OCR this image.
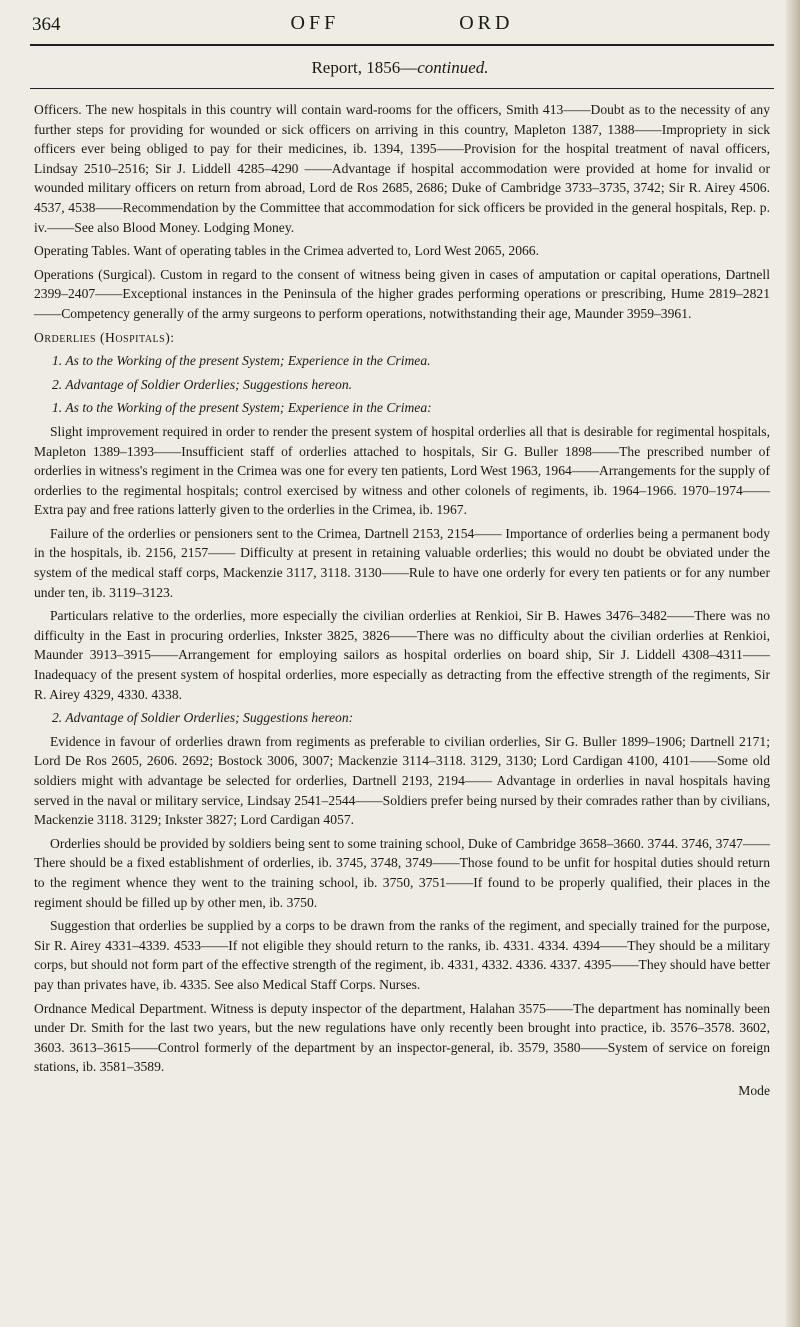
364	OFF	ORD
Report, 1856—continued.

Officers. The new hospitals in this country will contain ward-rooms for the officers, Smith 413——Doubt as to the necessity of any further steps for providing for wounded or sick officers on arriving in this country, Mapleton 1387, 1388——Impropriety in sick officers ever being obliged to pay for their medicines, ib. 1394, 1395——Provision for the hospital treatment of naval officers, Lindsay 2510–2516; Sir J. Liddell 4285–4290 ——Advantage if hospital accommodation were provided at home for invalid or wounded military officers on return from abroad, Lord de Ros 2685, 2686; Duke of Cambridge 3733–3735, 3742; Sir R. Airey 4506. 4537, 4538——Recommendation by the Committee that accommodation for sick officers be provided in the general hospitals, Rep. p. iv.——See also Blood Money. Lodging Money.

Operating Tables. Want of operating tables in the Crimea adverted to, Lord West 2065, 2066.

Operations (Surgical). Custom in regard to the consent of witness being given in cases of amputation or capital operations, Dartnell 2399–2407——Exceptional instances in the Peninsula of the higher grades performing operations or prescribing, Hume 2819–2821 ——Competency generally of the army surgeons to perform operations, notwithstanding their age, Maunder 3959–3961.

Orderlies (Hospitals):

1. As to the Working of the present System; Experience in the Crimea.

2. Advantage of Soldier Orderlies; Suggestions hereon.

1. As to the Working of the present System; Experience in the Crimea:

Slight improvement required in order to render the present system of hospital orderlies all that is desirable for regimental hospitals, Mapleton 1389–1393——Insufficient staff of orderlies attached to hospitals, Sir G. Buller 1898——The prescribed number of orderlies in witness's regiment in the Crimea was one for every ten patients, Lord West 1963, 1964——Arrangements for the supply of orderlies to the regimental hospitals; control exercised by witness and other colonels of regiments, ib. 1964–1966. 1970–1974—— Extra pay and free rations latterly given to the orderlies in the Crimea, ib. 1967.

Failure of the orderlies or pensioners sent to the Crimea, Dartnell 2153, 2154—— Importance of orderlies being a permanent body in the hospitals, ib. 2156, 2157—— Difficulty at present in retaining valuable orderlies; this would no doubt be obviated under the system of the medical staff corps, Mackenzie 3117, 3118. 3130——Rule to have one orderly for every ten patients or for any number under ten, ib. 3119–3123.

Particulars relative to the orderlies, more especially the civilian orderlies at Renkioi, Sir B. Hawes 3476–3482——There was no difficulty in the East in procuring orderlies, Inkster 3825, 3826——There was no difficulty about the civilian orderlies at Renkioi, Maunder 3913–3915——Arrangement for employing sailors as hospital orderlies on board ship, Sir J. Liddell 4308–4311——Inadequacy of the present system of hospital orderlies, more especially as detracting from the effective strength of the regiments, Sir R. Airey 4329, 4330. 4338.

2. Advantage of Soldier Orderlies; Suggestions hereon:

Evidence in favour of orderlies drawn from regiments as preferable to civilian orderlies, Sir G. Buller 1899–1906; Dartnell 2171; Lord De Ros 2605, 2606. 2692; Bostock 3006, 3007; Mackenzie 3114–3118. 3129, 3130; Lord Cardigan 4100, 4101——Some old soldiers might with advantage be selected for orderlies, Dartnell 2193, 2194—— Advantage in orderlies in naval hospitals having served in the naval or military service, Lindsay 2541–2544——Soldiers prefer being nursed by their comrades rather than by civilians, Mackenzie 3118. 3129; Inkster 3827; Lord Cardigan 4057.

Orderlies should be provided by soldiers being sent to some training school, Duke of Cambridge 3658–3660. 3744. 3746, 3747——There should be a fixed establishment of orderlies, ib. 3745, 3748, 3749——Those found to be unfit for hospital duties should return to the regiment whence they went to the training school, ib. 3750, 3751——If found to be properly qualified, their places in the regiment should be filled up by other men, ib. 3750.

Suggestion that orderlies be supplied by a corps to be drawn from the ranks of the regiment, and specially trained for the purpose, Sir R. Airey 4331–4339. 4533——If not eligible they should return to the ranks, ib. 4331. 4334. 4394——They should be a military corps, but should not form part of the effective strength of the regiment, ib. 4331, 4332. 4336. 4337. 4395——They should have better pay than privates have, ib. 4335. See also Medical Staff Corps. Nurses.

Ordnance Medical Department. Witness is deputy inspector of the department, Halahan 3575——The department has nominally been under Dr. Smith for the last two years, but the new regulations have only recently been brought into practice, ib. 3576–3578. 3602, 3603. 3613–3615——Control formerly of the department by an inspector-general, ib. 3579, 3580——System of service on foreign stations, ib. 3581–3589.

Mode
